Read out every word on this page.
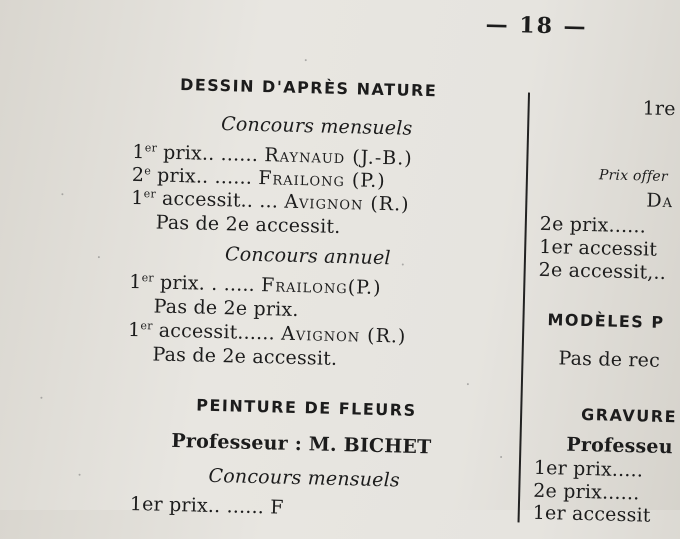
— 18 —
DESSIN D'APRÈS NATURE
Concours mensuels
1er prix.. ...... Raynaud (J.-B.)
2e prix.. ...... Frailong (P.)
1er accessit.. ... Avignon (R.)
Pas de 2e accessit.
Concours annuel
1er prix. . ..... Frailong(P.)
Pas de 2e prix.
1er accessit...... Avignon (R.)
Pas de 2e accessit.
PEINTURE DE FLEURS
Professeur : M. BICHET
Concours mensuels
1er prix.. ...... F
1re
Prix offer
Da
2e prix......
1er accessit
2e accessit,..
MODÈLES P
Pas de rec
GRAVURE
Professeu
1er prix.....
2e prix......
1er accessit
